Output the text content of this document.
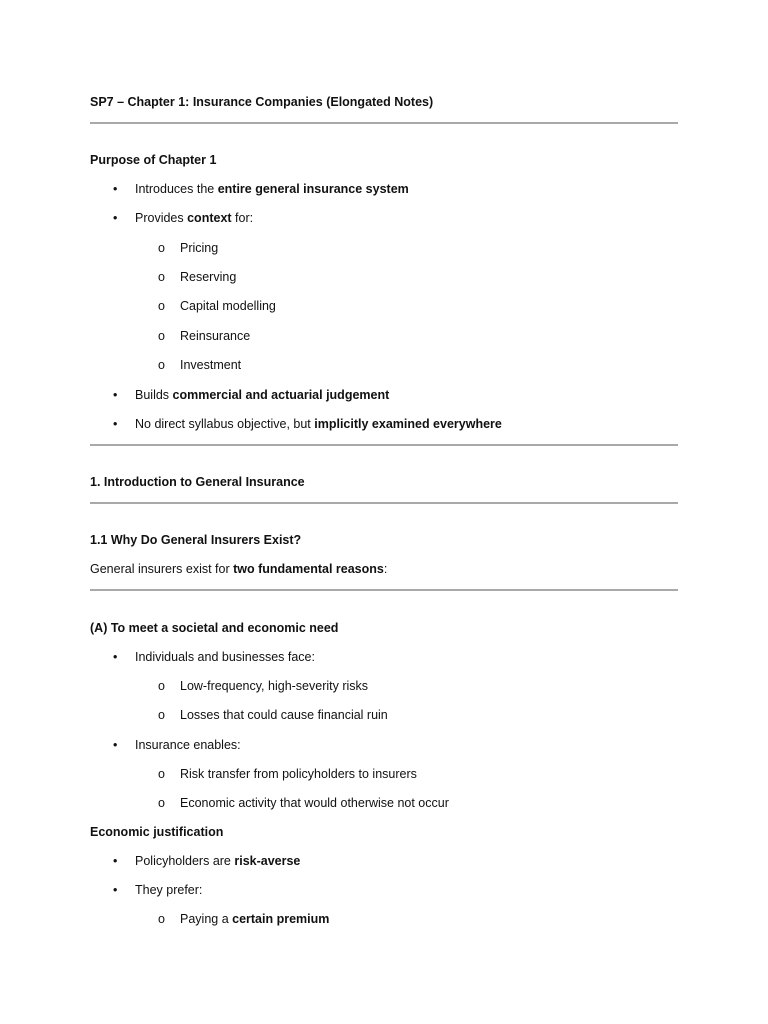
SP7 – Chapter 1: Insurance Companies (Elongated Notes)
Purpose of Chapter 1
• Introduces the entire general insurance system
• Provides context for:
o Pricing
o Reserving
o Capital modelling
o Reinsurance
o Investment
• Builds commercial and actuarial judgement
• No direct syllabus objective, but implicitly examined everywhere
1. Introduction to General Insurance
1.1 Why Do General Insurers Exist?
General insurers exist for two fundamental reasons:
(A) To meet a societal and economic need
• Individuals and businesses face:
o Low-frequency, high-severity risks
o Losses that could cause financial ruin
• Insurance enables:
o Risk transfer from policyholders to insurers
o Economic activity that would otherwise not occur
Economic justification
• Policyholders are risk-averse
• They prefer:
o Paying a certain premium
